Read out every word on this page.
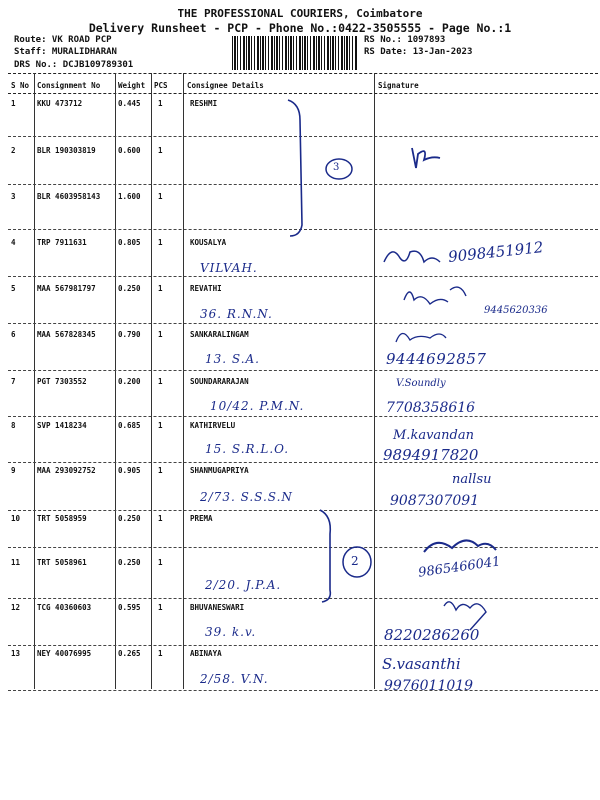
THE PROFESSIONAL COURIERS, Coimbatore
Delivery Runsheet - PCP - Phone No.:0422-3505555 - Page No.:1
Route: VK ROAD PCP
Staff: MURALIDHARAN
DRS No.: DCJB109789301
RS No.: 1097893
RS Date: 13-Jan-2023
S No Consignment No Weight PCS	Consignee Details	Signature
1	KKU 473712	0.445 1	RESHMI
2	BLR 190303819	0.600 1
3	BLR 4603958143 1.600 1
4	TRP 7911631	0.805 1	KOUSALYA
VILVAH.
9098451912
5	MAA 567981797	0.250 1	REVATHI
36. R.N.N.	9445620336
6	MAA 567828345	0.790 1	SANKARALINGAM
13. S.A.	9444692857
7	PGT 7303552	0.200 1	SOUNDARARAJAN
10/42. P.M.N.
V.Soundly
7708358616
8	SVP 1418234	0.685 1	KATHIRVELU
15. S.R.L.O.
M.kavandan
9894917820
9	MAA 293092752	0.905 1	SHANMUGAPRIYA
2/73. S.S.S.N
nallsu
9087307091
10 TRT 5058959	0.250 1	PREMA
11 TRT 5058961	0.250 1
2/20. J.P.A.
9865466041
12 TCG 40360603	0.595 1	BHUVANESWARI
39. k.v.	8220286260
13 NEY 40076995	0.265 1	ABINAYA
2/58. V.N.
S.vasanthi
9976011019
3
2
